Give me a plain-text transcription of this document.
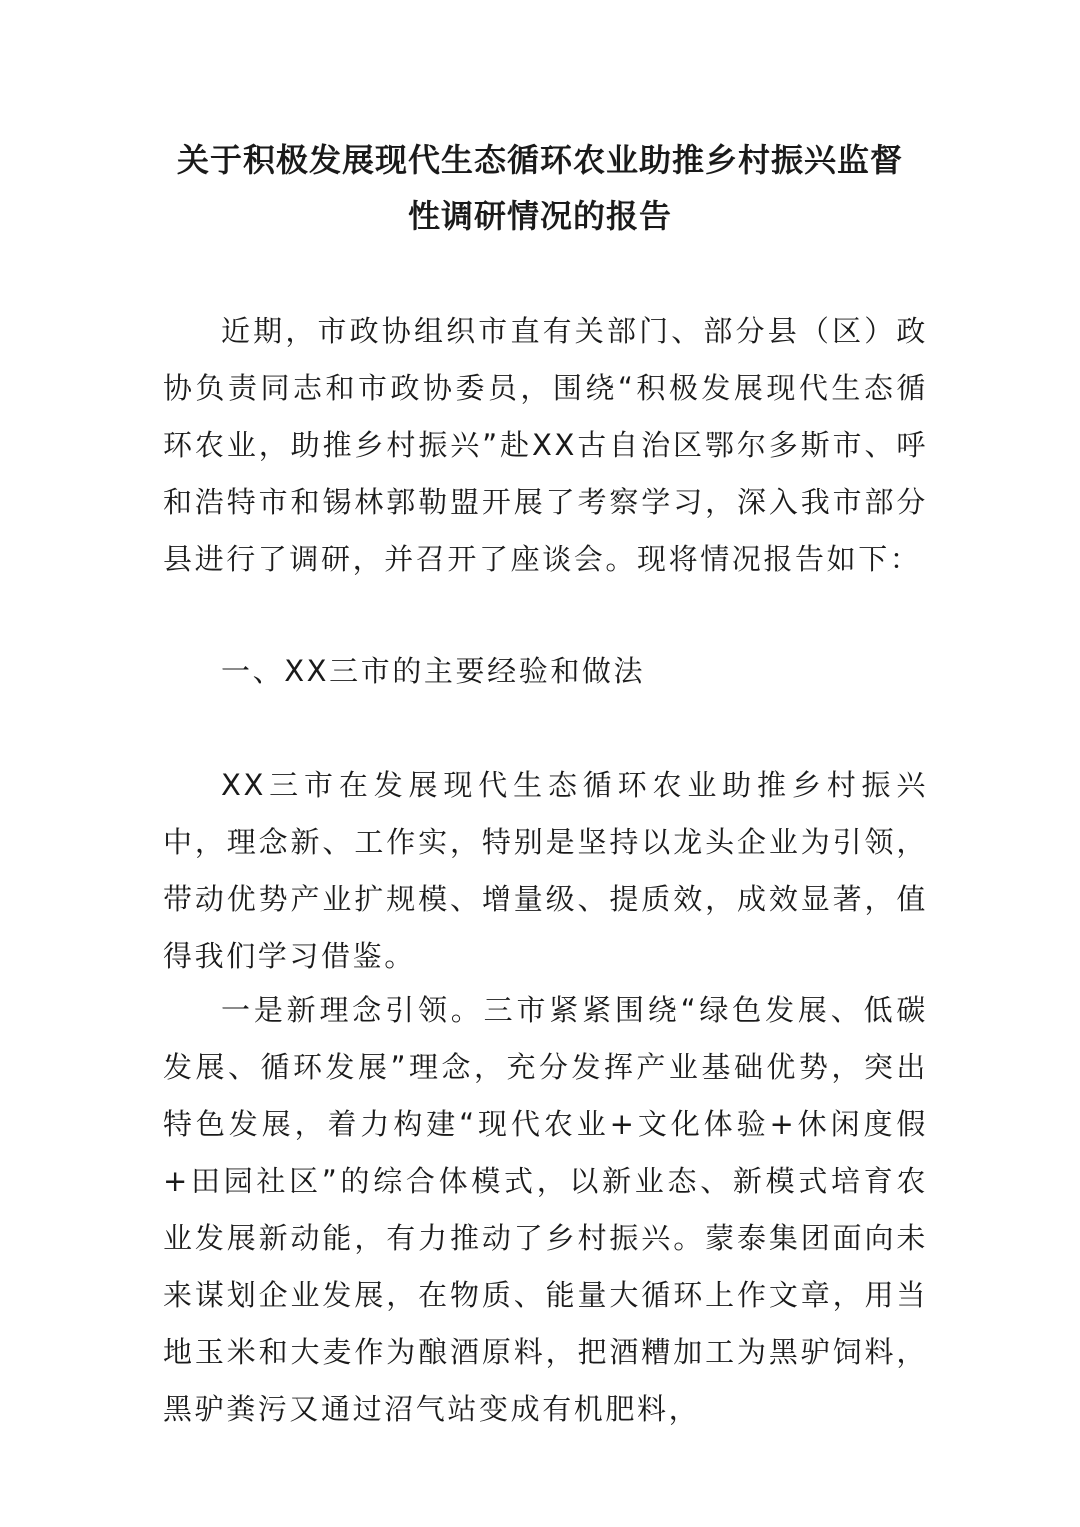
关于积极发展现代生态循环农业助推乡村振兴监督
性调研情况的报告

近期，市政协组织市直有关部门、部分县（区）政协负责同志和市政协委员，围绕“积极发展现代生态循环农业，助推乡村振兴”赴XX古自治区鄂尔多斯市、呼和浩特市和锡林郭勒盟开展了考察学习，深入我市部分县进行了调研，并召开了座谈会。现将情况报告如下：

一、XX三市的主要经验和做法

XX三市在发展现代生态循环农业助推乡村振兴中，理念新、工作实，特别是坚持以龙头企业为引领，带动优势产业扩规模、增量级、提质效，成效显著，值得我们学习借鉴。

一是新理念引领。三市紧紧围绕“绿色发展、低碳发展、循环发展”理念，充分发挥产业基础优势，突出特色发展，着力构建“现代农业+文化体验+休闲度假+田园社区”的综合体模式，以新业态、新模式培育农业发展新动能，有力推动了乡村振兴。蒙泰集团面向未来谋划企业发展，在物质、能量大循环上作文章，用当地玉米和大麦作为酿酒原料，把酒糟加工为黑驴饲料，黑驴粪污又通过沼气站变成有机肥料，
